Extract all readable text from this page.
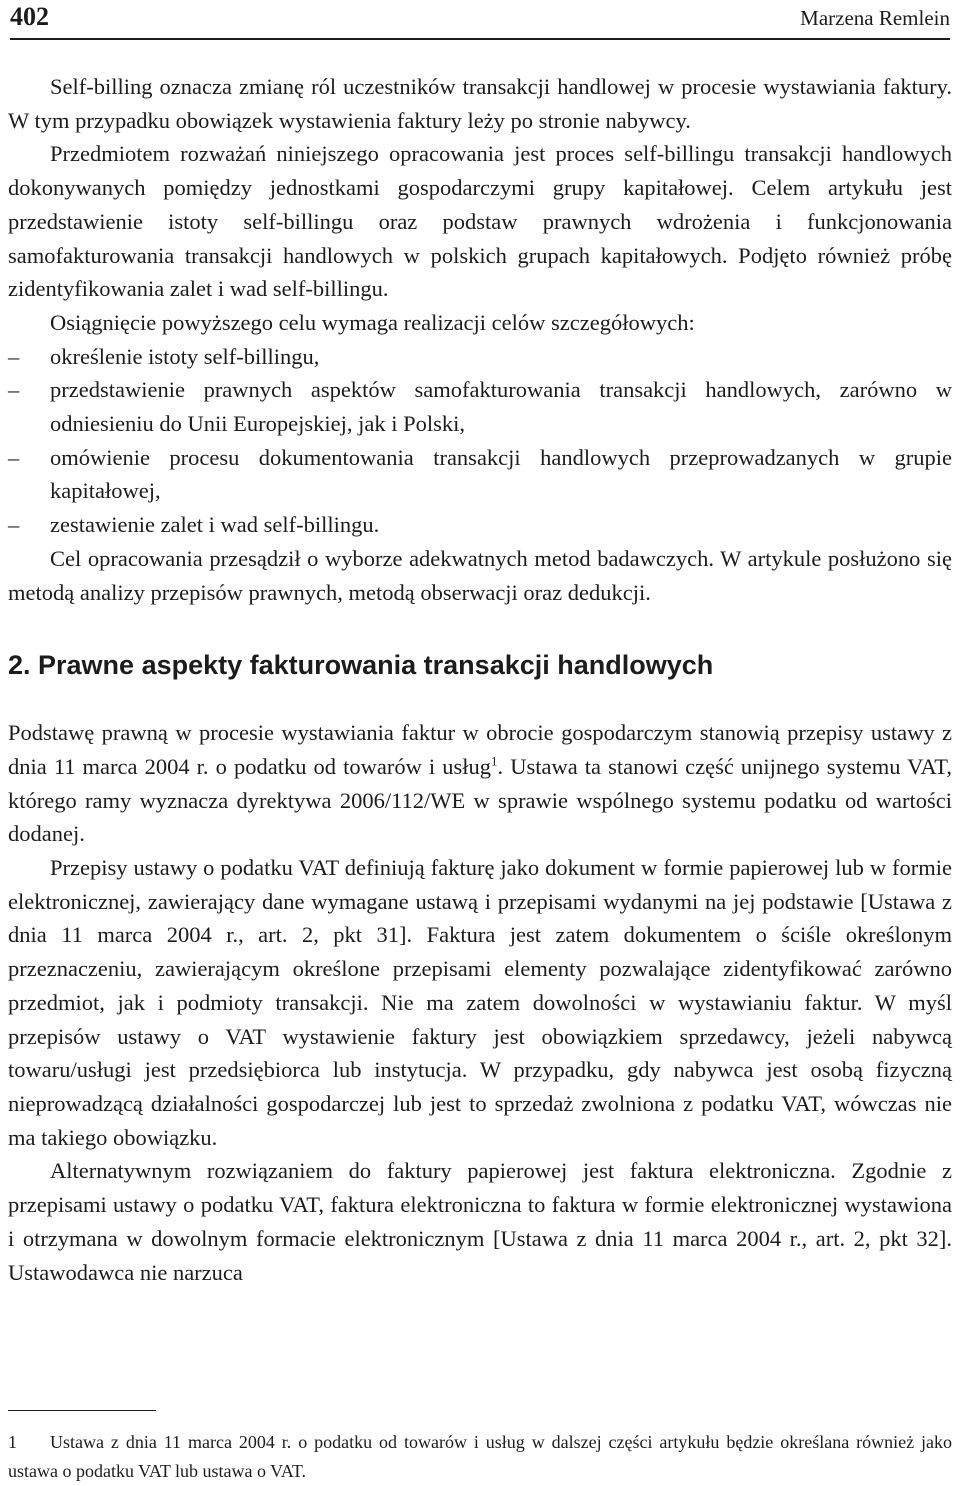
402	Marzena Remlein

Self-billing oznacza zmianę ról uczestników transakcji handlowej w procesie wystawiania faktury. W tym przypadku obowiązek wystawienia faktury leży po stronie nabywcy.

Przedmiotem rozważań niniejszego opracowania jest proces self-billingu transakcji handlowych dokonywanych pomiędzy jednostkami gospodarczymi grupy kapitałowej. Celem artykułu jest przedstawienie istoty self-billingu oraz podstaw prawnych wdrożenia i funkcjonowania samofakturowania transakcji handlowych w polskich grupach kapitałowych. Podjęto również próbę zidentyfikowania zalet i wad self-billingu.

Osiągnięcie powyższego celu wymaga realizacji celów szczegółowych:

– określenie istoty self-billingu,
– przedstawienie prawnych aspektów samofakturowania transakcji handlowych, zarówno w odniesieniu do Unii Europejskiej, jak i Polski,
– omówienie procesu dokumentowania transakcji handlowych przeprowadzanych w grupie kapitałowej,
– zestawienie zalet i wad self-billingu.

Cel opracowania przesądził o wyborze adekwatnych metod badawczych. W artykule posłużono się metodą analizy przepisów prawnych, metodą obserwacji oraz dedukcji.

2. Prawne aspekty fakturowania transakcji handlowych

Podstawę prawną w procesie wystawiania faktur w obrocie gospodarczym stanowią przepisy ustawy z dnia 11 marca 2004 r. o podatku od towarów i usług$^1$. Ustawa ta stanowi część unijnego systemu VAT, którego ramy wyznacza dyrektywa 2006/112/WE w sprawie wspólnego systemu podatku od wartości dodanej.

Przepisy ustawy o podatku VAT definiują fakturę jako dokument w formie papierowej lub w formie elektronicznej, zawierający dane wymagane ustawą i przepisami wydanymi na jej podstawie [Ustawa z dnia 11 marca 2004 r., art. 2, pkt 31]. Faktura jest zatem dokumentem o ściśle określonym przeznaczeniu, zawierającym określone przepisami elementy pozwalające zidentyfikować zarówno przedmiot, jak i podmioty transakcji. Nie ma zatem dowolności w wystawianiu faktur. W myśl przepisów ustawy o VAT wystawienie faktury jest obowiązkiem sprzedawcy, jeżeli nabywcą towaru/usługi jest przedsiębiorca lub instytucja. W przypadku, gdy nabywca jest osobą fizyczną nieprowadzącą działalności gospodarczej lub jest to sprzedaż zwolniona z podatku VAT, wówczas nie ma takiego obowiązku.

Alternatywnym rozwiązaniem do faktury papierowej jest faktura elektroniczna. Zgodnie z przepisami ustawy o podatku VAT, faktura elektroniczna to faktura w formie elektronicznej wystawiona i otrzymana w dowolnym formacie elektronicznym [Ustawa z dnia 11 marca 2004 r., art. 2, pkt 32]. Ustawodawca nie narzuca

1 Ustawa z dnia 11 marca 2004 r. o podatku od towarów i usług w dalszej części artykułu będzie określana również jako ustawa o podatku VAT lub ustawa o VAT.
